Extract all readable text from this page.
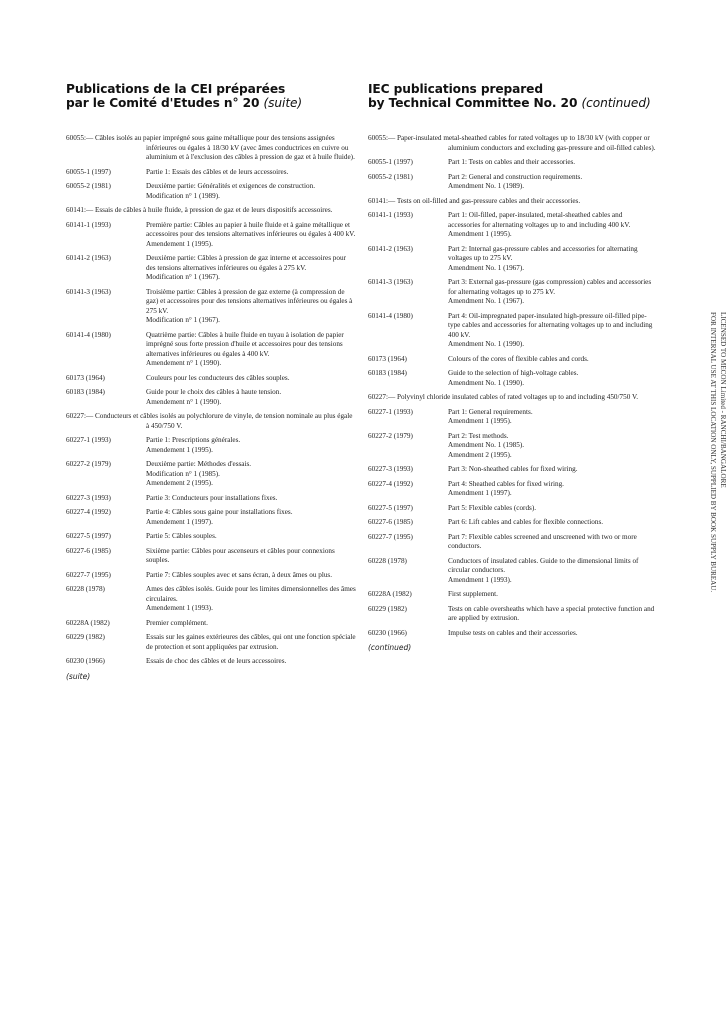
Publications de la CEI préparées
par le Comité d'Etudes n° 20 (suite)
60055:— Câbles isolés au papier imprégné sous gaine métallique pour des tensions assignées inférieures ou égales à 18/30 kV (avec âmes conductrices en cuivre ou aluminium et à l'exclusion des câbles à pression de gaz et à huile fluide).
60055-1 (1997)	Partie 1: Essais des câbles et de leurs accessoires.
60055-2 (1981)	Deuxième partie: Généralités et exigences de construction.
Modification n° 1 (1989).
60141:— Essais de câbles à huile fluide, à pression de gaz et de leurs dispositifs accessoires.
60141-1 (1993)	Première partie: Câbles au papier à huile fluide et à gaine métallique et accessoires pour des tensions alternatives inférieures ou égales à 400 kV.
Amendement 1 (1995).
60141-2 (1963)	Deuxième partie: Câbles à pression de gaz interne et accessoires pour des tensions alternatives inférieures ou égales à 275 kV.
Modification n° 1 (1967).
60141-3 (1963)	Troisième partie: Câbles à pression de gaz externe (à compression de gaz) et accessoires pour des tensions alternatives inférieures ou égales à 275 kV.
Modification n° 1 (1967).
60141-4 (1980)	Quatrième partie: Câbles à huile fluide en tuyau à isolation de papier imprégné sous forte pression d'huile et accessoires pour des tensions alternatives inférieures ou égales à 400 kV.
Amendement n° 1 (1990).
60173 (1964)	Couleurs pour les conducteurs des câbles souples.
60183 (1984)	Guide pour le choix des câbles à haute tension.
Amendement n° 1 (1990).
60227:— Conducteurs et câbles isolés au polychlorure de vinyle, de tension nominale au plus égale à 450/750 V.
60227-1 (1993)	Partie 1: Prescriptions générales.
Amendement 1 (1995).
60227-2 (1979)	Deuxième partie: Méthodes d'essais.
Modification n° 1 (1985).
Amendement 2 (1995).
60227-3 (1993)	Partie 3: Conducteurs pour installations fixes.
60227-4 (1992)	Partie 4: Câbles sous gaine pour installations fixes.
Amendement 1 (1997).
60227-5 (1997)	Partie 5: Câbles souples.
60227-6 (1985)	Sixième partie: Câbles pour ascenseurs et câbles pour connexions souples.
60227-7 (1995)	Partie 7: Câbles souples avec et sans écran, à deux âmes ou plus.
60228 (1978)	Ames des câbles isolés. Guide pour les limites dimensionnelles des âmes circulaires.
Amendement 1 (1993).
60228A (1982)	Premier complément.
60229 (1982)	Essais sur les gaines extérieures des câbles, qui ont une fonction spéciale de protection et sont appliquées par extrusion.
60230 (1966)	Essais de choc des câbles et de leurs accessoires.
(suite)
IEC publications prepared
by Technical Committee No. 20 (continued)
60055:— Paper-insulated metal-sheathed cables for rated voltages up to 18/30 kV (with copper or aluminium conductors and excluding gas-pressure and oil-filled cables).
60055-1 (1997)	Part 1: Tests on cables and their accessories.
60055-2 (1981)	Part 2: General and construction requirements.
Amendment No. 1 (1989).
60141:— Tests on oil-filled and gas-pressure cables and their accessories.
60141-1 (1993)	Part 1: Oil-filled, paper-insulated, metal-sheathed cables and accessories for alternating voltages up to and including 400 kV.
Amendment 1 (1995).
60141-2 (1963)	Part 2: Internal gas-pressure cables and accessories for alternating voltages up to 275 kV.
Amendment No. 1 (1967).
60141-3 (1963)	Part 3: External gas-pressure (gas compression) cables and accessories for alternating voltages up to 275 kV.
Amendment No. 1 (1967).
60141-4 (1980)	Part 4: Oil-impregnated paper-insulated high-pressure oil-filled pipe-type cables and accessories for alternating voltages up to and including 400 kV.
Amendment No. 1 (1990).
60173 (1964)	Colours of the cores of flexible cables and cords.
60183 (1984)	Guide to the selection of high-voltage cables.
Amendment No. 1 (1990).
60227:— Polyvinyl chloride insulated cables of rated voltages up to and including 450/750 V.
60227-1 (1993)	Part 1: General requirements.
Amendment 1 (1995).
60227-2 (1979)	Part 2: Test methods.
Amendment No. 1 (1985).
Amendment 2 (1995).
60227-3 (1993)	Part 3: Non-sheathed cables for fixed wiring.
60227-4 (1992)	Part 4: Sheathed cables for fixed wiring.
Amendment 1 (1997).
60227-5 (1997)	Part 5: Flexible cables (cords).
60227-6 (1985)	Part 6: Lift cables and cables for flexible connections.
60227-7 (1995)	Part 7: Flexible cables screened and unscreened with two or more conductors.
60228 (1978)	Conductors of insulated cables. Guide to the dimensional limits of circular conductors.
Amendment 1 (1993).
60228A (1982)	First supplement.
60229 (1982)	Tests on cable oversheaths which have a special protective function and are applied by extrusion.
60230 (1966)	Impulse tests on cables and their accessories.
(continued)
LICENSED TO MECON Limited - RANCHI/BANGALORE
FOR INTERNAL USE AT THIS LOCATION ONLY, SUPPLIED BY BOOK SUPPLY BUREAU.
